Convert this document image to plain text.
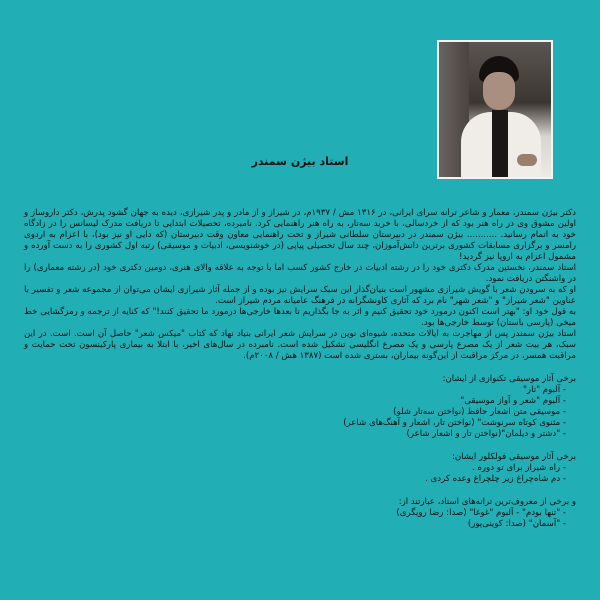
استاد بیژن سمندر

دکتر بیژن سمندر، معمار و شاعر ترانه سرای ایرانی، در ۱۳۱۶ مش / ۱۹۳۷م، در شیراز و از مادر و پدر شیرازی، دیده به جهان گشود پدرش، دکتر داروساز و اولین مشوق وی در راه هنر بود که از خردسالی، با خرید سه‌تار، به راه هنر راهنمایی کرد. نامبرده، تحصیلات ابتدایی تا دریافت مدرک لیسانس را در زادگاه خود به اتمام رسانید. ........... بیژن سمندر در دبیرستان سلطانی شیراز و تحت راهنمایی معاون وقت دبیرستان (که دایی او نیز بود)، با اعزام به اردوی رامسر و برگزاری مسابقات کشوری برترین دانش‌آموزان، چند سال تحصیلی پیاپی (در خوشنویسی، ادبیات و موسیقی) رتبه اول کشوری را به دست آورده و مشمول اعزام به اروپا نیز گردید!

استاد سمندر، نخستین مدرک دکتری خود را در رشته ادبیات در خارج کشور کسب اما با توجه به علاقه والای هنری، دومین دکتری خود (در رشته معماری) را در واشنگتن دریافت نمود.

او که به سرودن شعر با گویش شیرازی مشهور است بنیان‌گذار این سبک سرایش نیز بوده و از جمله آثار شیرازی ایشان می‌توان از مجموعه شعر و تفسیر با عناوین "شعر شیراز" و "شعر شهر" نام برد که آثاری کاونشگرانه در فرهنگ عامیانه مردم شیراز است.

به قول خود او: "بهتر است اکنون درمورد خود تحقیق کنیم و اثر به جا بگذاریم تا بعدها خارجی‌ها درمورد ما تحقیق کنند!" که کنایه از ترجمه و رمزگشایی خط میخی (پارسی باستان) توسط خارجی‌ها بود.

استاد بیژن سمندر پس از مهاجرت به ایالات متحده، شیوه‌ای نوین در سرایش شعر ایرانی بنیاد نهاد که کتاب "میکس شعر" حاصل آن است. است. در این سبک، هر بیت شعر از یک مصرع پارسی و یک مصرع انگلیسی تشکیل شده است. نامبرده در سال‌های اخیر، با ابتلا به بیماری پارکینسون تحت حمایت و مراقبت همسر، در مرکز مراقبت از این‌گونه بیماران، بستری شده است (۱۳۸۷ هش / ۲۰۰۸م).

برخی آثار موسیقی تکنوازی از ایشان:

- آلبوم "تار"
- آلبوم "شعر و آواز موسیقی"
- موسیقی متن اشعار حافظ (نواختن سه‌تار شلو)
- مثنوی کوتاه سرنوشت" (نواختن تار، اشعار و آهنگ‌های شاعر)
- "دشتر و دیلمان"(نواختن تار و اشعار شاعر)

برخی آثار موسیقی فولکلور ایشان:

- راه شیراز برای تو دوره .
- دم شاه‌چراغ زیر چلچراغ وعده کردی .

و برخی از معروف‌ترین ترانه‌های استاد، عبارتند از:

- "تنها بودم" - آلبوم "غوغا" (صدا: رضا رویگری)
- "آسمان" (صدا: کوینی‌پور)
